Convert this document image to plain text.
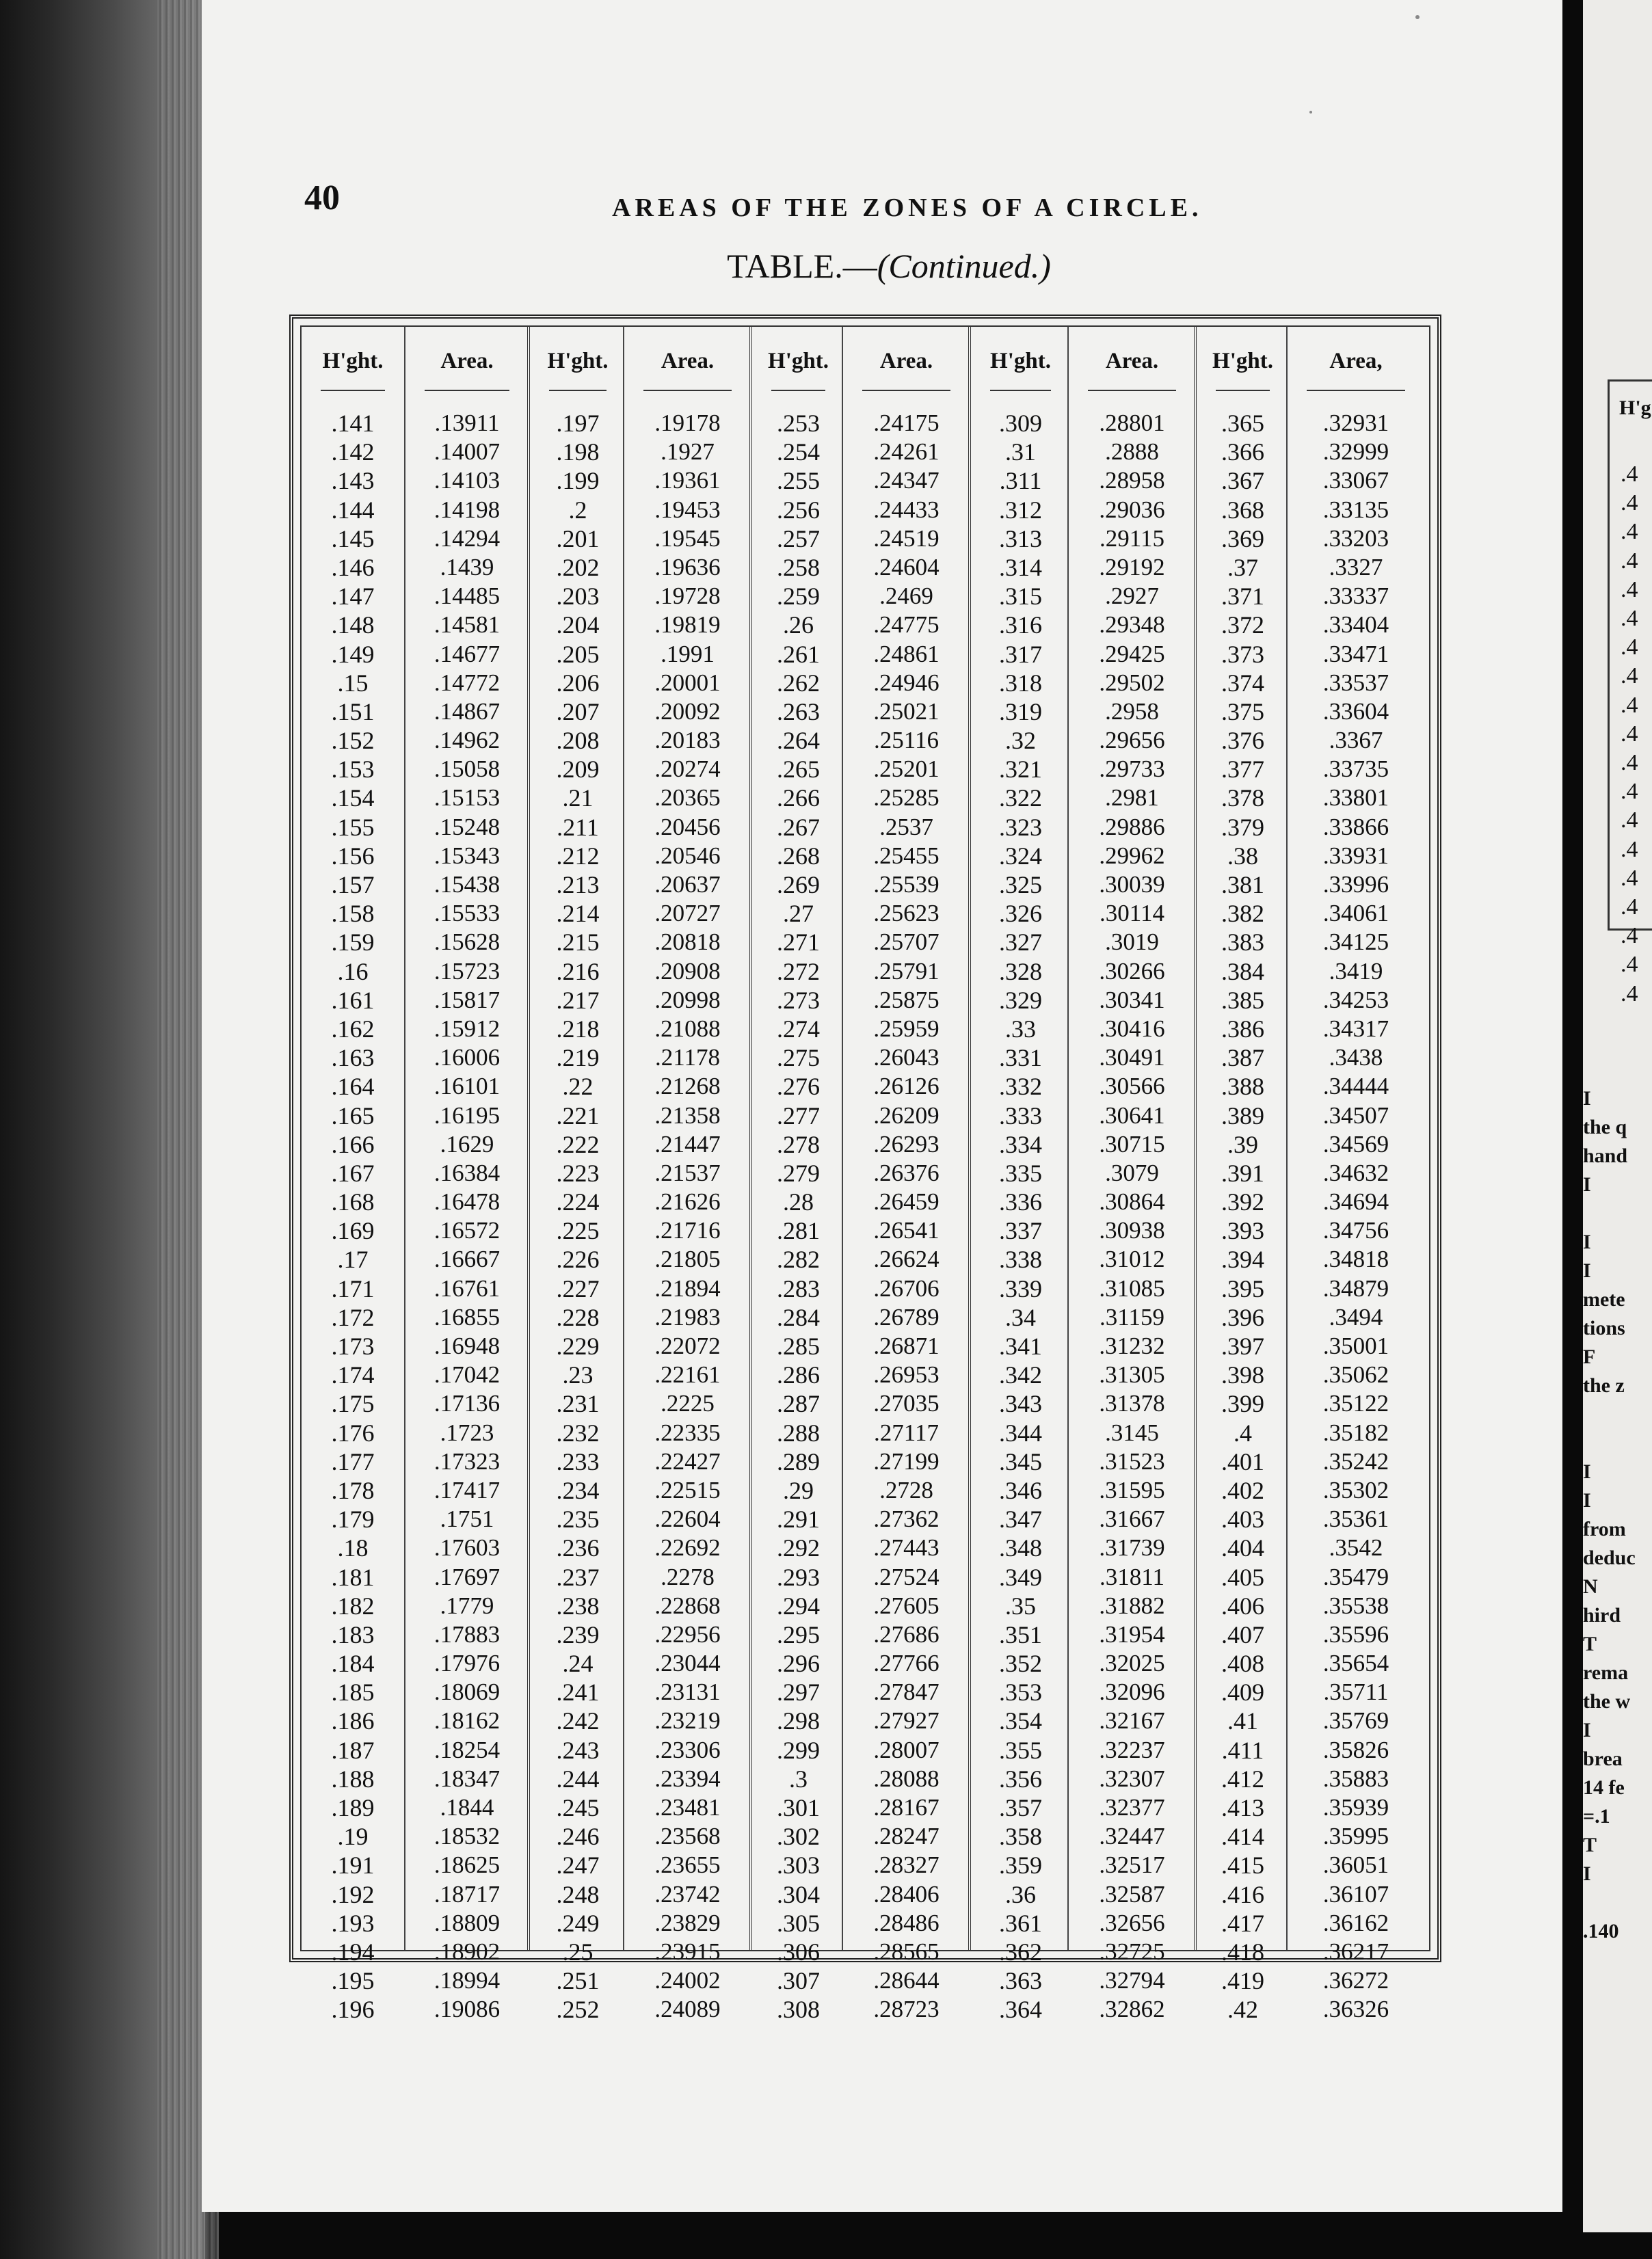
40	AREAS OF THE ZONES OF A CIRCLE.
TABLE.—(Continued.)
H'ght.
.141
.142
.143
.144
.145
.146
.147
.148
.149
.15
.151
.152
.153
.154
.155
.156
.157
.158
.159
.16
.161
.162
.163
.164
.165
.166
.167
.168
.169
.17
.171
.172
.173
.174
.175
.176
.177
.178
.179
.18
.181
.182
.183
.184
.185
.186
.187
.188
.189
.19
.191
.192
.193
.194
.195
.196
Area.
.13911
.14007
.14103
.14198
.14294
.1439
.14485
.14581
.14677
.14772
.14867
.14962
.15058
.15153
.15248
.15343
.15438
.15533
.15628
.15723
.15817
.15912
.16006
.16101
.16195
.1629
.16384
.16478
.16572
.16667
.16761
.16855
.16948
.17042
.17136
.1723
.17323
.17417
.1751
.17603
.17697
.1779
.17883
.17976
.18069
.18162
.18254
.18347
.1844
.18532
.18625
.18717
.18809
.18902
.18994
.19086
H'ght.
.197
.198
.199
.2
.201
.202
.203
.204
.205
.206
.207
.208
.209
.21
.211
.212
.213
.214
.215
.216
.217
.218
.219
.22
.221
.222
.223
.224
.225
.226
.227
.228
.229
.23
.231
.232
.233
.234
.235
.236
.237
.238
.239
.24
.241
.242
.243
.244
.245
.246
.247
.248
.249
.25
.251
.252
Area.
.19178
.1927
.19361
.19453
.19545
.19636
.19728
.19819
.1991
.20001
.20092
.20183
.20274
.20365
.20456
.20546
.20637
.20727
.20818
.20908
.20998
.21088
.21178
.21268
.21358
.21447
.21537
.21626
.21716
.21805
.21894
.21983
.22072
.22161
.2225
.22335
.22427
.22515
.22604
.22692
.2278
.22868
.22956
.23044
.23131
.23219
.23306
.23394
.23481
.23568
.23655
.23742
.23829
.23915
.24002
.24089
H'ght.
.253
.254
.255
.256
.257
.258
.259
.26
.261
.262
.263
.264
.265
.266
.267
.268
.269
.27
.271
.272
.273
.274
.275
.276
.277
.278
.279
.28
.281
.282
.283
.284
.285
.286
.287
.288
.289
.29
.291
.292
.293
.294
.295
.296
.297
.298
.299
.3
.301
.302
.303
.304
.305
.306
.307
.308
Area.
.24175
.24261
.24347
.24433
.24519
.24604
.2469
.24775
.24861
.24946
.25021
.25116
.25201
.25285
.2537
.25455
.25539
.25623
.25707
.25791
.25875
.25959
.26043
.26126
.26209
.26293
.26376
.26459
.26541
.26624
.26706
.26789
.26871
.26953
.27035
.27117
.27199
.2728
.27362
.27443
.27524
.27605
.27686
.27766
.27847
.27927
.28007
.28088
.28167
.28247
.28327
.28406
.28486
.28565
.28644
.28723
H'ght.
.309
.31
.311
.312
.313
.314
.315
.316
.317
.318
.319
.32
.321
.322
.323
.324
.325
.326
.327
.328
.329
.33
.331
.332
.333
.334
.335
.336
.337
.338
.339
.34
.341
.342
.343
.344
.345
.346
.347
.348
.349
.35
.351
.352
.353
.354
.355
.356
.357
.358
.359
.36
.361
.362
.363
.364
Area.
.28801
.2888
.28958
.29036
.29115
.29192
.2927
.29348
.29425
.29502
.2958
.29656
.29733
.2981
.29886
.29962
.30039
.30114
.3019
.30266
.30341
.30416
.30491
.30566
.30641
.30715
.3079
.30864
.30938
.31012
.31085
.31159
.31232
.31305
.31378
.3145
.31523
.31595
.31667
.31739
.31811
.31882
.31954
.32025
.32096
.32167
.32237
.32307
.32377
.32447
.32517
.32587
.32656
.32725
.32794
.32862
H'ght.
.365
.366
.367
.368
.369
.37
.371
.372
.373
.374
.375
.376
.377
.378
.379
.38
.381
.382
.383
.384
.385
.386
.387
.388
.389
.39
.391
.392
.393
.394
.395
.396
.397
.398
.399
.4
.401
.402
.403
.404
.405
.406
.407
.408
.409
.41
.411
.412
.413
.414
.415
.416
.417
.418
.419
.42
Area,
.32931
.32999
.33067
.33135
.33203
.3327
.33337
.33404
.33471
.33537
.33604
.3367
.33735
.33801
.33866
.33931
.33996
.34061
.34125
.3419
.34253
.34317
.3438
.34444
.34507
.34569
.34632
.34694
.34756
.34818
.34879
.3494
.35001
.35062
.35122
.35182
.35242
.35302
.35361
.3542
.35479
.35538
.35596
.35654
.35711
.35769
.35826
.35883
.35939
.35995
.36051
.36107
.36162
.36217
.36272
.36326
H'g
.4
.4
.4
.4
.4
.4
.4
.4
.4
.4
.4
.4
.4
.4
.4
.4
.4
.4
.4
I
the q
hand
I
I
I
mete
tions
F
the z
I
I
from
deduc
N
hird
T
rema
the w
I
brea
14 fe
=.1
T
I
.140
